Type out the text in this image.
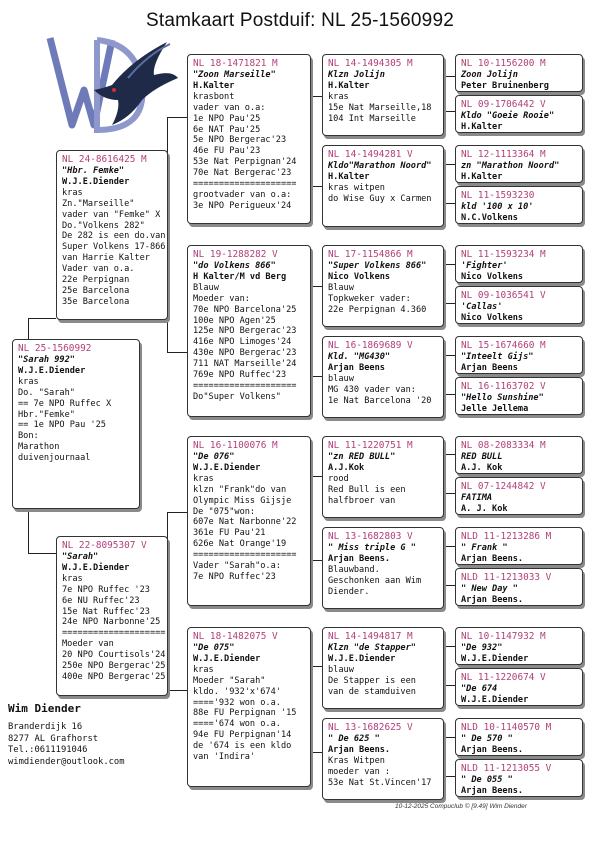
Stamkaart Postduif: NL 25-1560992
NL 25-1560992
"Sarah 992"
W.J.E.Diender
kras
Do. "Sarah"
== 7e NPO Ruffec X
Hbr."Femke"
== 1e NPO Pau '25
Bon:
Marathon
duivenjournaal
NL 24-8616425 M
"Hbr. Femke"
W.J.E.Diender
kras
Zn."Marseille"
vader van "Femke" X
Do."Volkens 282"
De 282 is een do.van
Super Volkens 17-866
van Harrie Kalter
Vader van o.a.
22e Perpignan
25e Barcelona
35e Barcelona
NL 22-8095307 V
"Sarah"
W.J.E.Diender
kras
7e NPO Ruffec '23
6e NU Ruffec'23
15e Nat Ruffec'23
24e NPO Narbonne'25
====================
Moeder van
20 NPO Courtisols'24
250e NPO Bergerac'25
400e NPO Bergerac'25
NL 18-1471821 M
"Zoon Marseille"
H.Kalter
krasbont
vader van o.a:
1e NPO Pau'25
6e NAT Pau'25
5e NPO Bergerac'23
46e FU Pau'23
53e Nat Perpignan'24
70e Nat Bergerac'23
====================
grootvader van o.a:
3e NPO Perigueux'24
NL 19-1288282 V
"do Volkens 866"
H Kalter/M vd Berg
Blauw
Moeder van:
70e NPO Barcelona'25
100e NPO Agen'25
125e NPO Bergerac'23
416e NPO Limoges'24
430e NPO Bergerac'23
711 NAT Marseille'24
769e NPO Ruffec'23
====================
Do"Super Volkens"
NL 16-1100076 M
"De 076"
W.J.E.Diender
kras
klzn "Frank"do van
Olympic Miss Gijsje
De "075"won:
607e Nat Narbonne'22
361e FU Pau'21
626e Nat Orange'19
====================
Vader "Sarah"o.a:
7e NPO Ruffec'23
NL 18-1482075 V
"De 075"
W.J.E.Diender
kras
Moeder "Sarah"
kldo. '932'x'674'
===='932 won o.a.
88e FU Perpignan '15
===='674 won o.a.
94e FU Perpignan'14
de '674 is een kldo
van 'Indira'
NL 14-1494305 M
Klzn Jolijn
H.Kalter
kras
15e Nat Marseille,18
104 Int Marseille
NL 14-1494281 V
Kldo"Marathon Noord"
H.Kalter
kras witpen
do Wise Guy x Carmen
NL 17-1154866 M
"Super Volkens 866"
Nico Volkens
Blauw
Topkweker vader:
22e Perpignan 4.360
NL 16-1869689 V
Kld. "MG430"
Arjan Beens
blauw
MG 430 vader van:
1e Nat Barcelona '20
NL 11-1220751 M
"zn RED BULL"
A.J.Kok
rood
Red Bull is een
halfbroer van
NL 13-1682803 V
" Miss triple G "
Arjan Beens.
Blauwband.
Geschonken aan Wim
Diender.
NL 14-1494817 M
Klzn "de Stapper"
W.J.E.Diender
blauw
De Stapper is een
van de stamduiven
NL 13-1682625 V
" De 625 "
Arjan Beens.
Kras Witpen
moeder van :
53e Nat St.Vincen'17
NL 10-1156200 M
Zoon Jolijn
Peter Bruinenberg
NL 09-1706442 V
Kldo "Goeie Rooie"
H.Kalter
NL 12-1113364 M
zn "Marathon Noord"
H.Kalter
NL 11-1593230
kld '100 x 10'
N.C.Volkens
NL 11-1593234 M
'Fighter'
Nico Volkens
NL 09-1036541 V
'Callas'
Nico Volkens
NL 15-1674660 M
"Inteelt Gijs"
Arjan Beens
NL 16-1163702 V
"Hello Sunshine"
Jelle Jellema
NL 08-2083334 M
RED BULL
A.J. Kok
NL 07-1244842 V
FATIMA
A. J. Kok
NLD 11-1213286 M
" Frank "
Arjan Beens.
NLD 11-1213033 V
" New Day "
Arjan Beens.
NL 10-1147932 M
"De 932"
W.J.E.Diender
NL 11-1220674 V
"De 674
W.J.E.Diender
NLD 10-1140570 M
" De 570 "
Arjan Beens.
NLD 11-1213055 V
" De 055 "
Arjan Beens.
Wim Diender
Branderdijk 16
8277 AL Grafhorst
Tel.:0611191046
wimdiender@outlook.com
10-12-2025 Compuclub © [9.49] Wim Diender
